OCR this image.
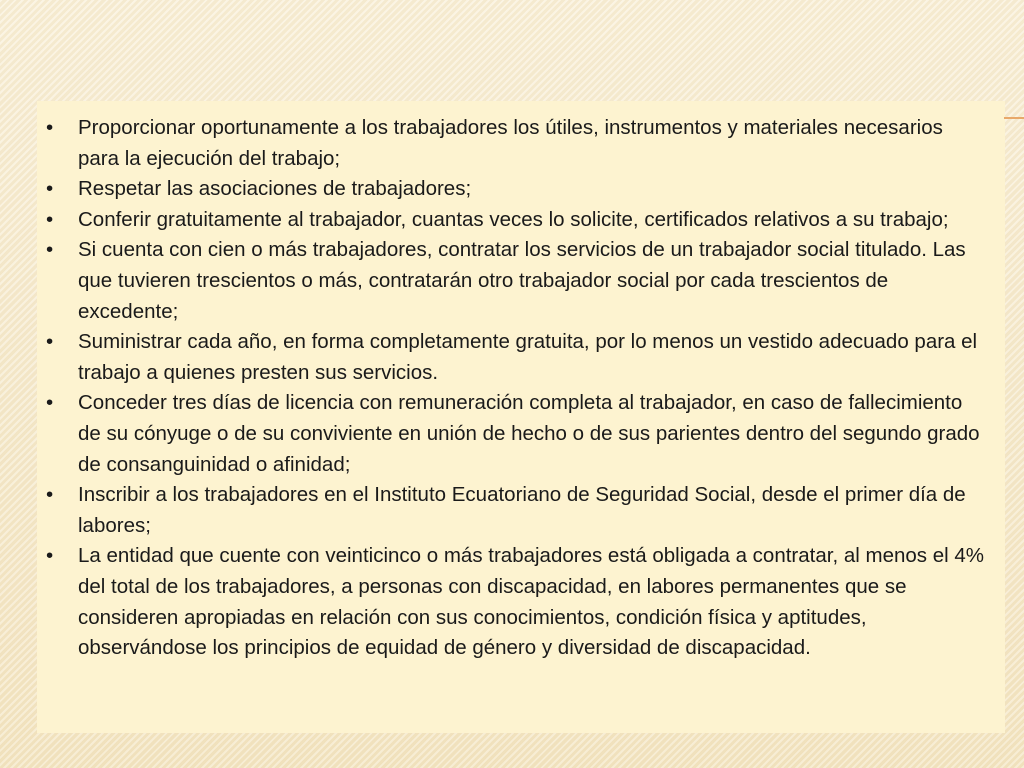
• Proporcionar oportunamente a los trabajadores los útiles, instrumentos y materiales necesarios para la ejecución del trabajo;
• Respetar las asociaciones de trabajadores;
• Conferir gratuitamente al trabajador, cuantas veces lo solicite, certificados relativos a su trabajo;
• Si cuenta con cien o más trabajadores, contratar los servicios de un trabajador social titulado. Las que tuvieren trescientos o más, contratarán otro trabajador social por cada trescientos de excedente;
• Suministrar cada año, en forma completamente gratuita, por lo menos un vestido adecuado para el trabajo a quienes presten sus servicios.
• Conceder tres días de licencia con remuneración completa al trabajador, en caso de fallecimiento de su cónyuge o de su conviviente en unión de hecho o de sus parientes dentro del segundo grado de consanguinidad o afinidad;
• Inscribir a los trabajadores en el Instituto Ecuatoriano de Seguridad Social, desde el primer día de labores;
• La entidad que cuente con veinticinco o más trabajadores está obligada a contratar, al menos el 4% del total de los trabajadores, a personas con discapacidad, en labores permanentes que se consideren apropiadas en relación con sus conocimientos, condición física y aptitudes, observándose los principios de equidad de género y diversidad de discapacidad.
